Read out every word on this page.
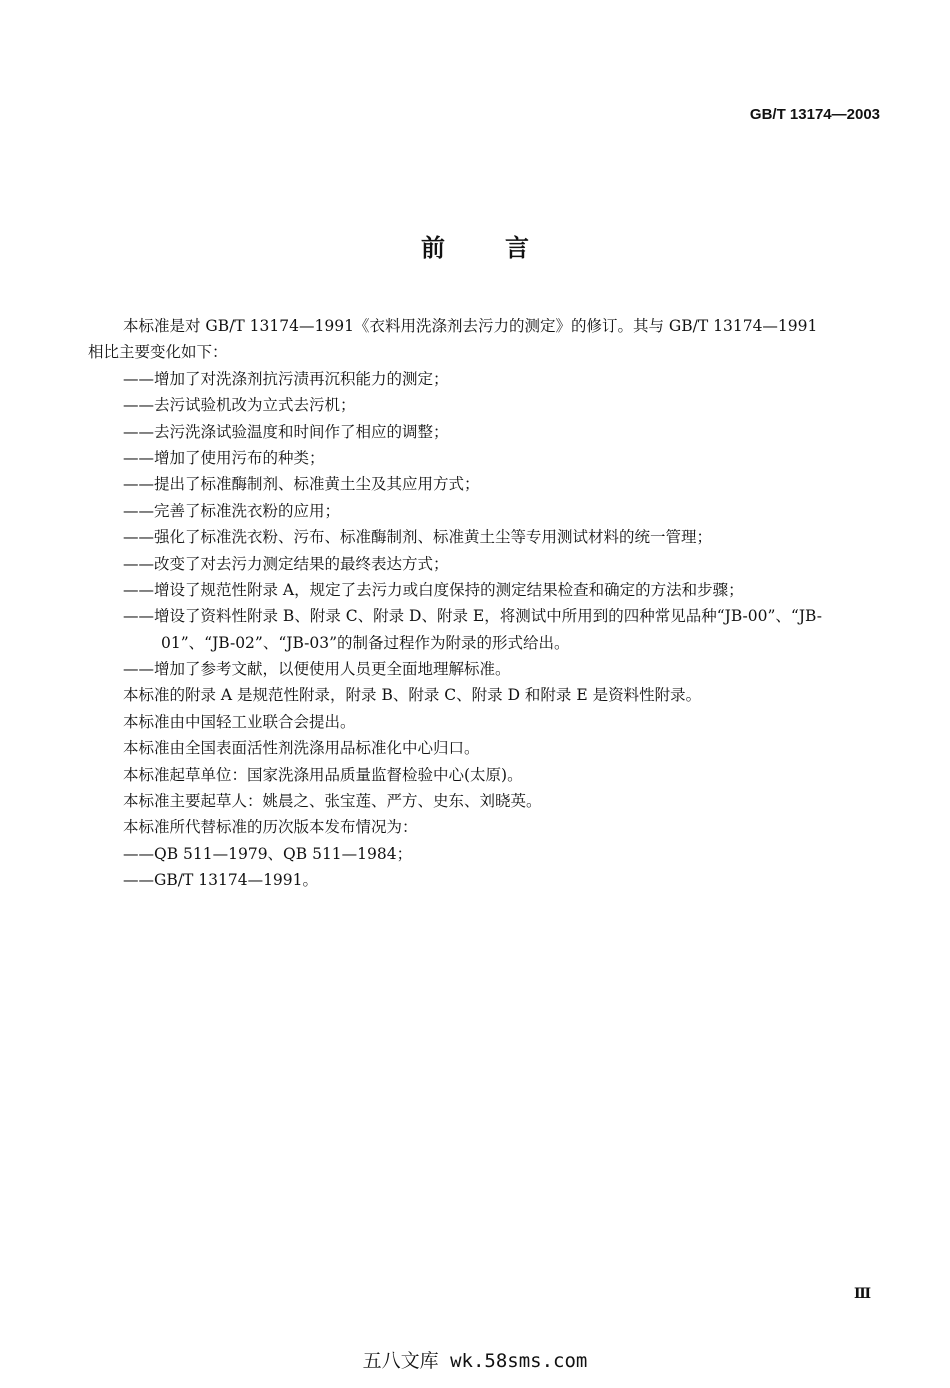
GB/T 13174—2003
前言
本标准是对 GB/T 13174—1991《衣料用洗涤剂去污力的测定》的修订。其与 GB/T 13174—1991
相比主要变化如下：
——增加了对洗涤剂抗污渍再沉积能力的测定；
——去污试验机改为立式去污机；
——去污洗涤试验温度和时间作了相应的调整；
——增加了使用污布的种类；
——提出了标准酶制剂、标准黄土尘及其应用方式；
——完善了标准洗衣粉的应用；
——强化了标准洗衣粉、污布、标准酶制剂、标准黄土尘等专用测试材料的统一管理；
——改变了对去污力测定结果的最终表达方式；
——增设了规范性附录 A，规定了去污力或白度保持的测定结果检查和确定的方法和步骤；
——增设了资料性附录 B、附录 C、附录 D、附录 E，将测试中所用到的四种常见品种“JB-00”、“JB-
01”、“JB-02”、“JB-03”的制备过程作为附录的形式给出。
——增加了参考文献，以便使用人员更全面地理解标准。
本标准的附录 A 是规范性附录，附录 B、附录 C、附录 D 和附录 E 是资料性附录。
本标准由中国轻工业联合会提出。
本标准由全国表面活性剂洗涤用品标准化中心归口。
本标准起草单位：国家洗涤用品质量监督检验中心(太原)。
本标准主要起草人：姚晨之、张宝莲、严方、史东、刘晓英。
本标准所代替标准的历次版本发布情况为：
——QB 511—1979、QB 511—1984；
——GB/T 13174—1991。
Ⅲ
五八文库 wk.58sms.com
